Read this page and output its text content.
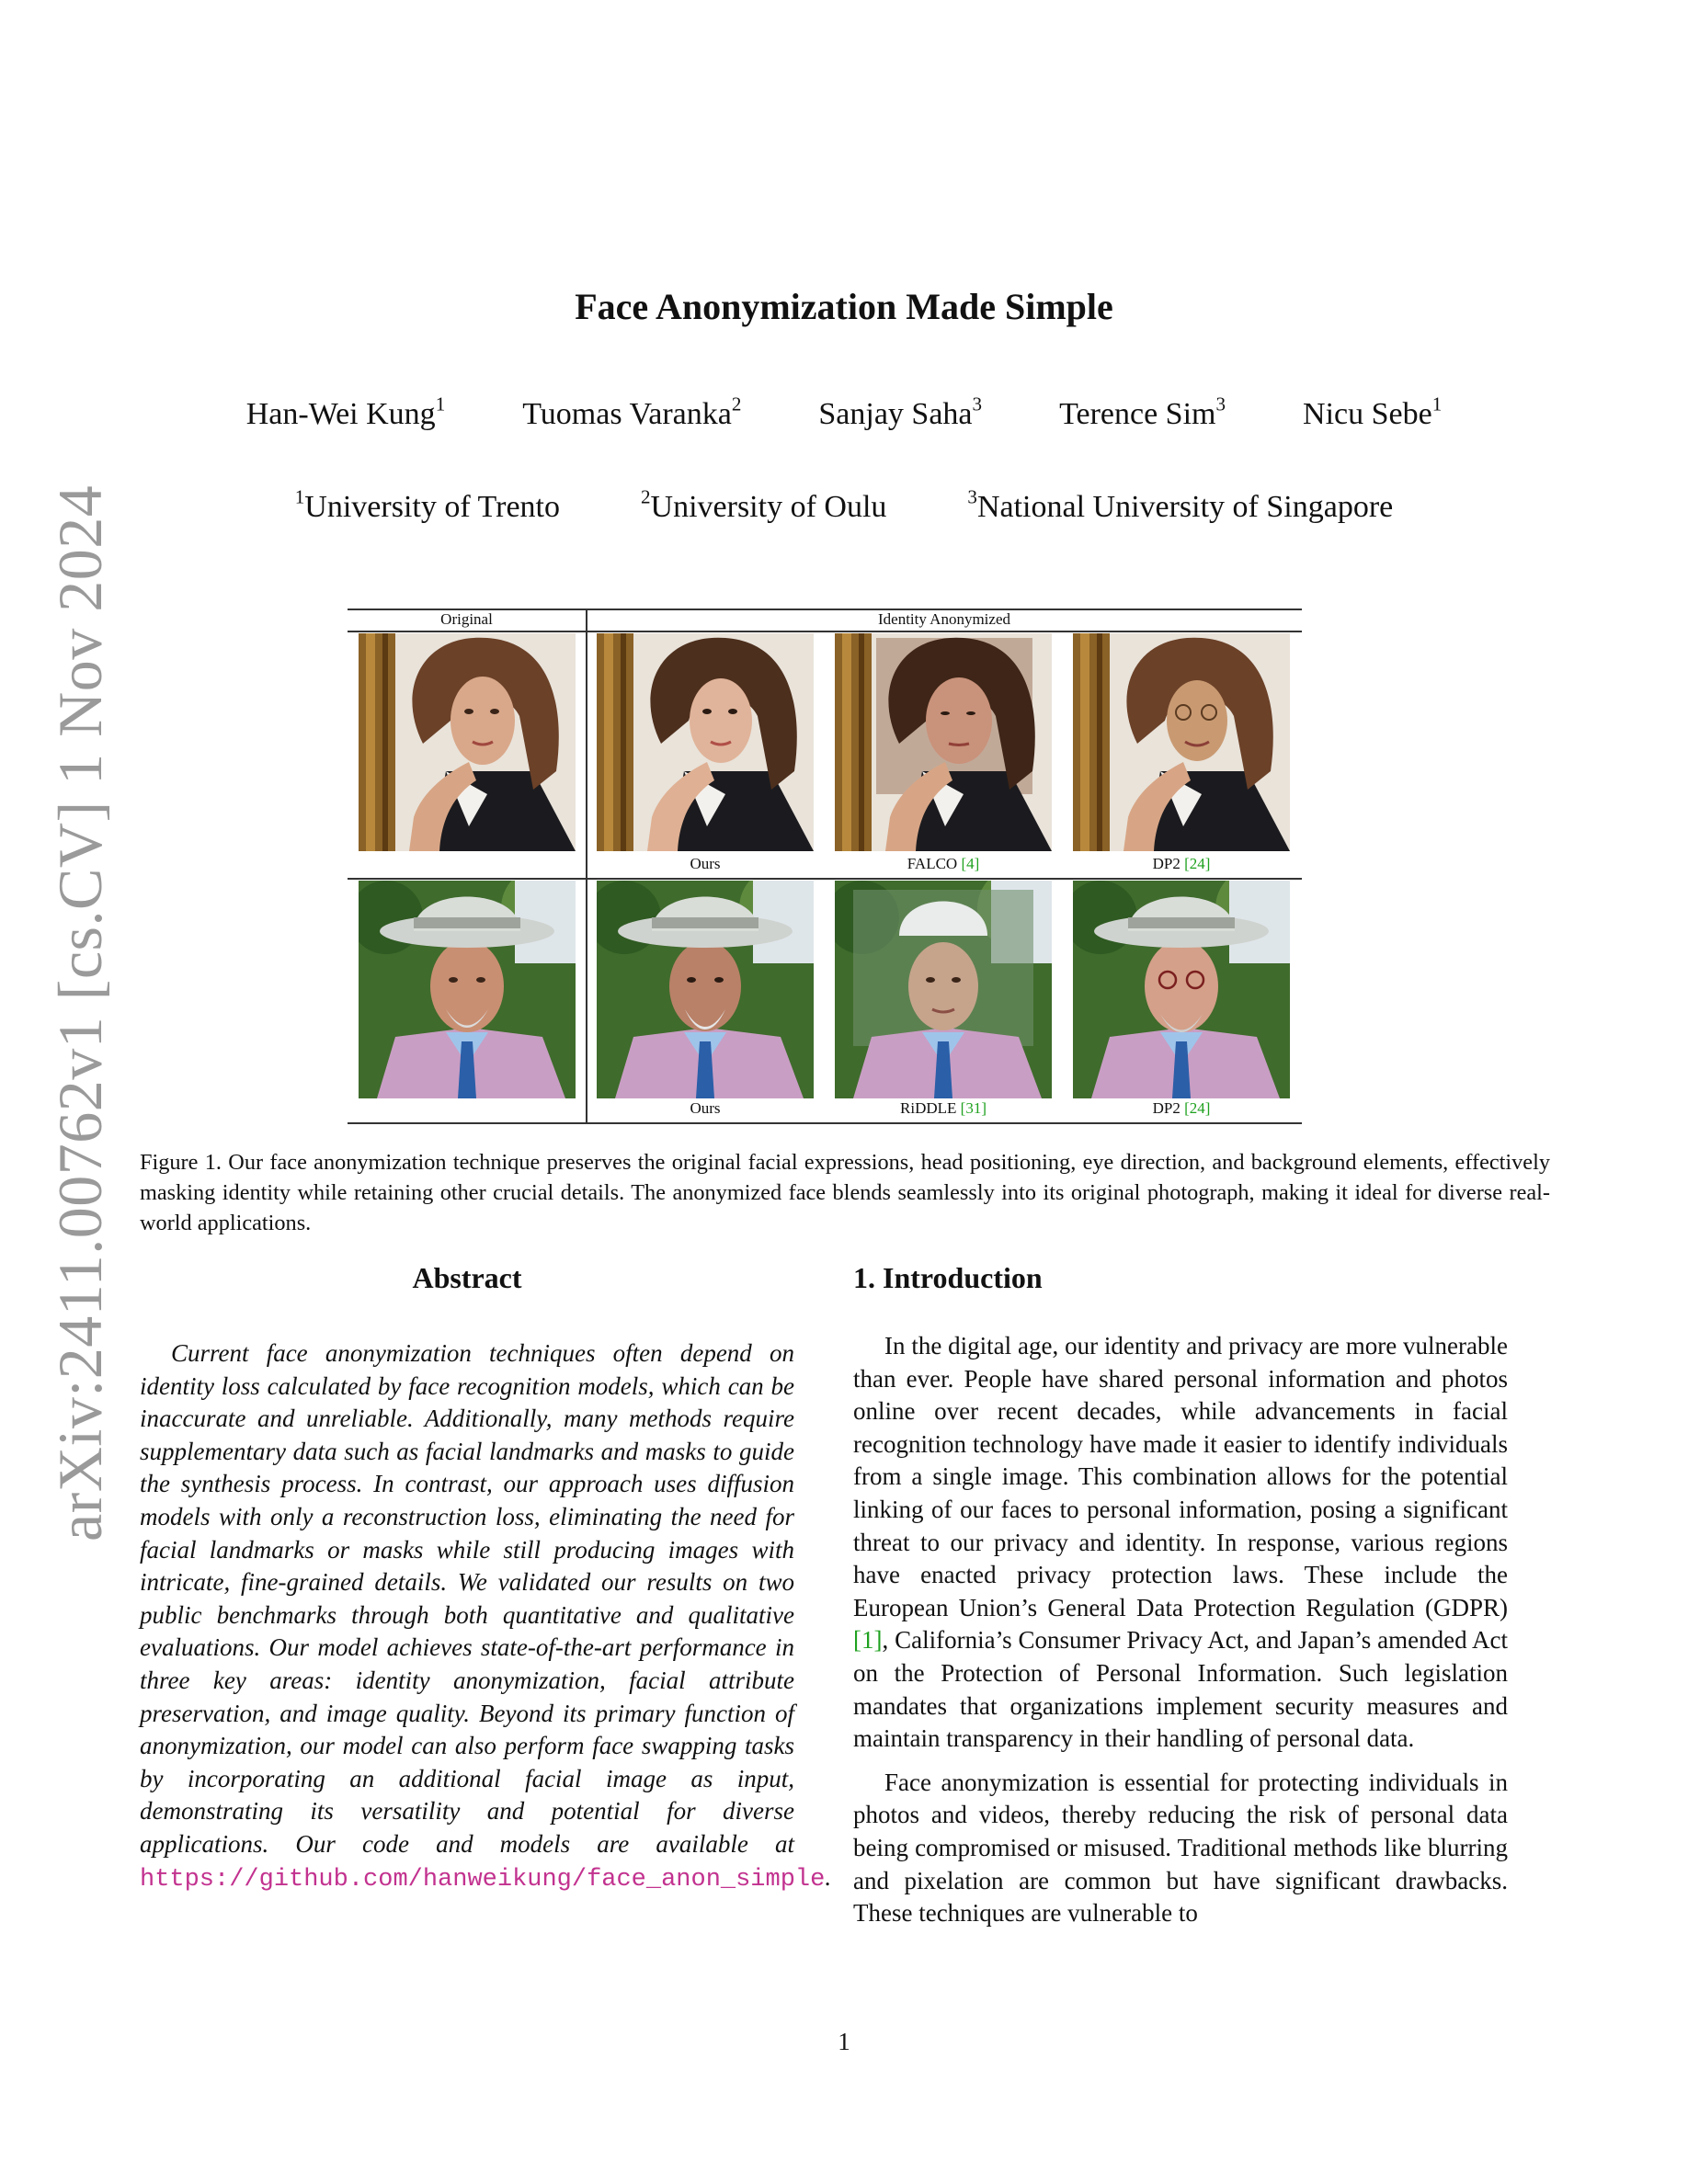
arXiv:2411.00762v1 [cs.CV] 1 Nov 2024
Face Anonymization Made Simple
Han-Wei Kung$^1$ Tuomas Varanka$^2$ Sanjay Saha$^3$ Terence Sim$^3$ Nicu Sebe$^1$
$^1$University of Trento	$^2$University of Oulu	$^3$National University of Singapore
Original	Identity Anonymized
Ours	FALCO [4]	DP2 [24]
Ours	RiDDLE [31]	DP2 [24]
Figure 1. Our face anonymization technique preserves the original facial expressions, head positioning, eye direction, and background elements, effectively masking identity while retaining other crucial details. The anonymized face blends seamlessly into its original photograph, making it ideal for diverse real-world applications.
Abstract

Current face anonymization techniques often depend on identity loss calculated by face recognition models, which can be inaccurate and unreliable. Additionally, many methods require supplementary data such as facial landmarks and masks to guide the synthesis process. In contrast, our approach uses diffusion models with only a reconstruction loss, eliminating the need for facial landmarks or masks while still producing images with intricate, fine-grained details. We validated our results on two public benchmarks through both quantitative and qualitative evaluations. Our model achieves state-of-the-art performance in three key areas: identity anonymization, facial attribute preservation, and image quality. Beyond its primary function of anonymization, our model can also perform face swapping tasks by incorporating an additional facial image as input, demonstrating its versatility and potential for diverse applications. Our code and models are available at https://github.com/hanweikung/face_anon_simple.

1. Introduction

In the digital age, our identity and privacy are more vulnerable than ever. People have shared personal information and photos online over recent decades, while advancements in facial recognition technology have made it easier to identify individuals from a single image. This combination allows for the potential linking of our faces to personal information, posing a significant threat to our privacy and identity. In response, various regions have enacted privacy protection laws. These include the European Union’s General Data Protection Regulation (GDPR) [1], California’s Consumer Privacy Act, and Japan’s amended Act on the Protection of Personal Information. Such legislation mandates that organizations implement security measures and maintain transparency in their handling of personal data.

Face anonymization is essential for protecting individuals in photos and videos, thereby reducing the risk of personal data being compromised or misused. Traditional methods like blurring and pixelation are common but have significant drawbacks. These techniques are vulnerable to

1
